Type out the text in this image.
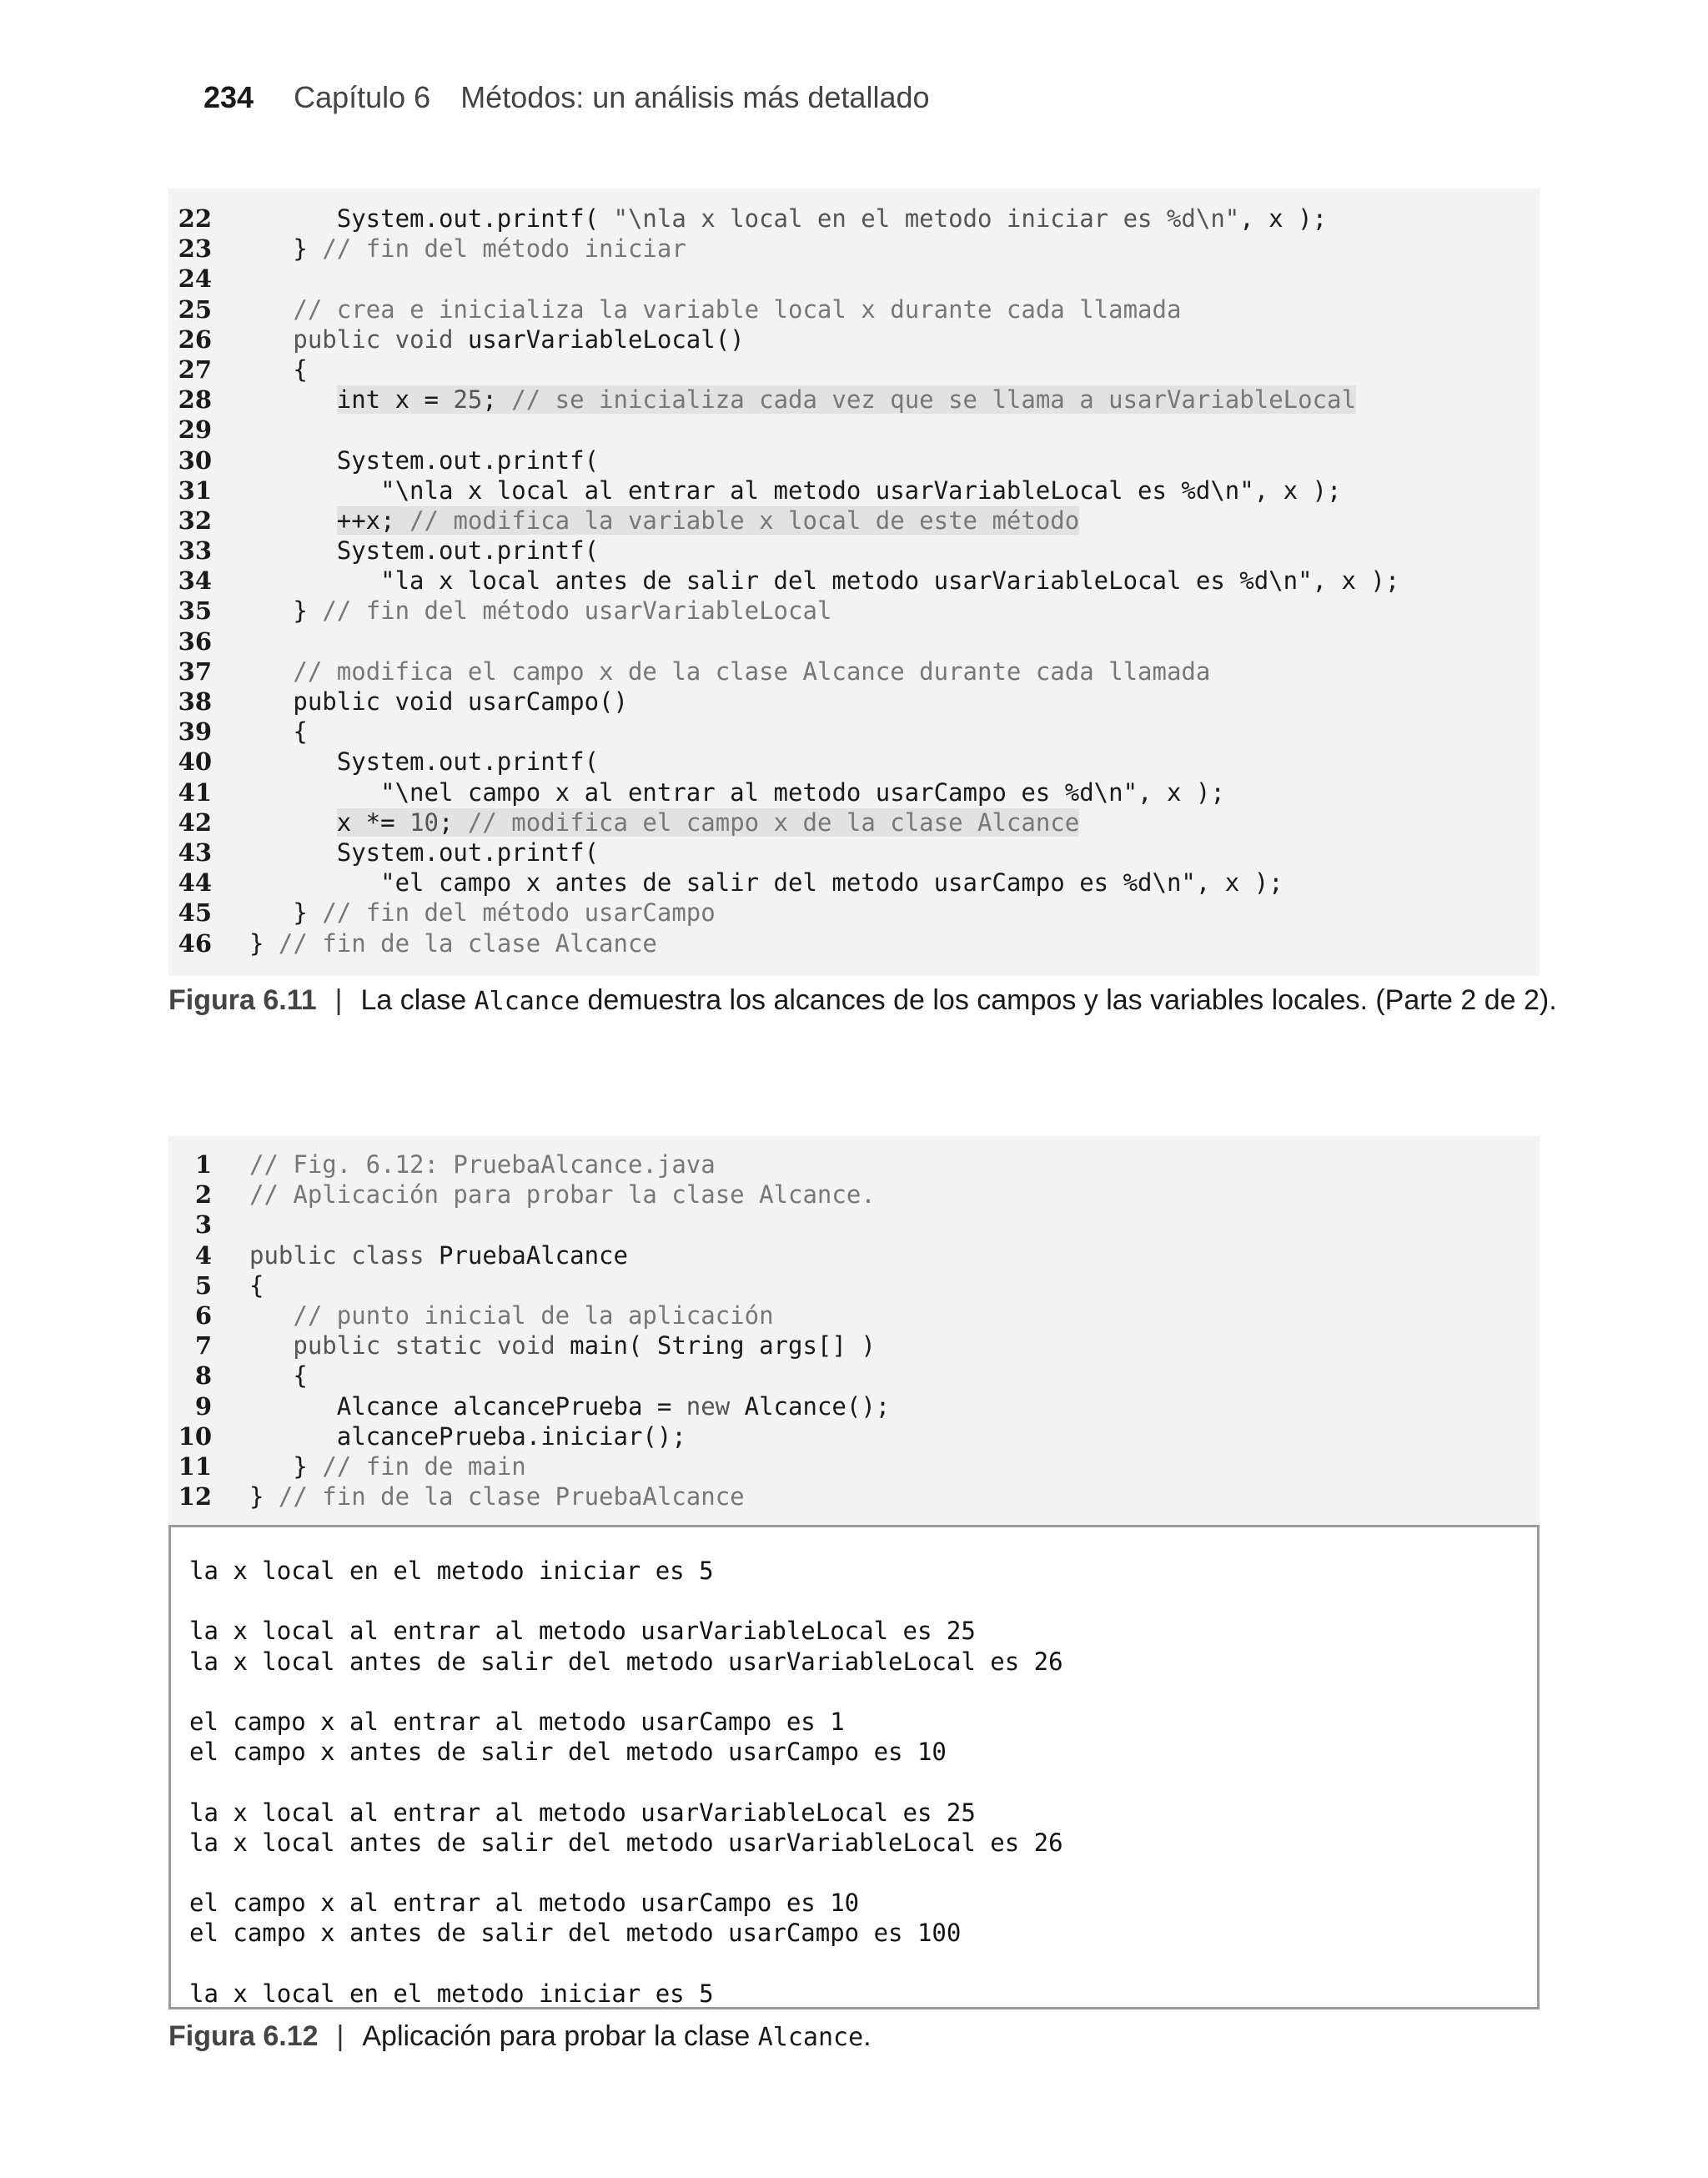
234 Capítulo 6 Métodos: un análisis más detallado
22 System.out.printf( "\nla x local en el metodo iniciar es %d\n", x );
23 } // fin del método iniciar
24
25	// crea e inicializa la variable local x durante cada llamada
26	public void usarVariableLocal()
27 {
28	int x = 25; // se inicializa cada vez que se llama a usarVariableLocal
29
30 System.out.printf(
31 "\nla x local al entrar al metodo usarVariableLocal es %d\n", x );
32	++x; // modifica la variable x local de este método
33 System.out.printf(
34 "la x local antes de salir del metodo usarVariableLocal es %d\n", x );
35 } // fin del método usarVariableLocal
36
37	// modifica el campo x de la clase Alcance durante cada llamada
38 public void usarCampo()
39 {
40 System.out.printf(
41 "\nel campo x al entrar al metodo usarCampo es %d\n", x );
42	x *= 10; // modifica el campo x de la clase Alcance
43 System.out.printf(
44 "el campo x antes de salir del metodo usarCampo es %d\n", x );
45 } // fin del método usarCampo
46 } // fin de la clase Alcance
Figura 6.11 | La clase Alcance demuestra los alcances de los campos y las variables locales. (Parte 2 de 2).
1 // Fig. 6.12: PruebaAlcance.java
2 // Aplicación para probar la clase Alcance.
3
4 public class PruebaAlcance
5 {
6	// punto inicial de la aplicación
7	public static void main( String args[] )
8 {
9 Alcance alcancePrueba = new Alcance();
10 alcancePrueba.iniciar();
11 } // fin de main
12 } // fin de la clase PruebaAlcance
la x local en el metodo iniciar es 5
la x local al entrar al metodo usarVariableLocal es 25
la x local antes de salir del metodo usarVariableLocal es 26
el campo x al entrar al metodo usarCampo es 1
el campo x antes de salir del metodo usarCampo es 10
la x local al entrar al metodo usarVariableLocal es 25
la x local antes de salir del metodo usarVariableLocal es 26
el campo x al entrar al metodo usarCampo es 10
el campo x antes de salir del metodo usarCampo es 100
la x local en el metodo iniciar es 5
Figura 6.12 | Aplicación para probar la clase Alcance.
